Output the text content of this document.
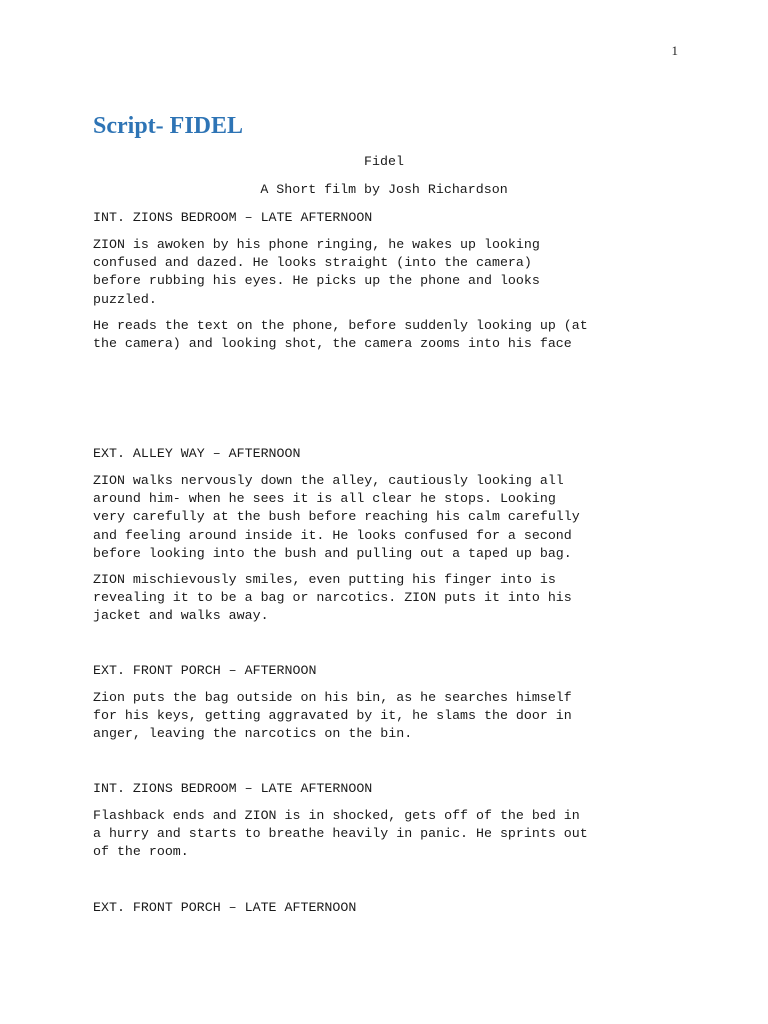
1
Script- FIDEL

Fidel

A Short film by Josh Richardson

INT. ZIONS BEDROOM – LATE AFTERNOON

ZION is awoken by his phone ringing, he wakes up looking
confused and dazed. He looks straight (into the camera)
before rubbing his eyes. He picks up the phone and looks
puzzled.
He reads the text on the phone, before suddenly looking up (at
the camera) and looking shot, the camera zooms into his face

EXT. ALLEY WAY – AFTERNOON

ZION walks nervously down the alley, cautiously looking all
around him- when he sees it is all clear he stops. Looking
very carefully at the bush before reaching his calm carefully
and feeling around inside it. He looks confused for a second
before looking into the bush and pulling out a taped up bag.
ZION mischievously smiles, even putting his finger into is
revealing it to be a bag or narcotics. ZION puts it into his
jacket and walks away.

EXT. FRONT PORCH – AFTERNOON

Zion puts the bag outside on his bin, as he searches himself
for his keys, getting aggravated by it, he slams the door in
anger, leaving the narcotics on the bin.

INT. ZIONS BEDROOM – LATE AFTERNOON

Flashback ends and ZION is in shocked, gets off of the bed in
a hurry and starts to breathe heavily in panic. He sprints out
of the room.

EXT. FRONT PORCH – LATE AFTERNOON
